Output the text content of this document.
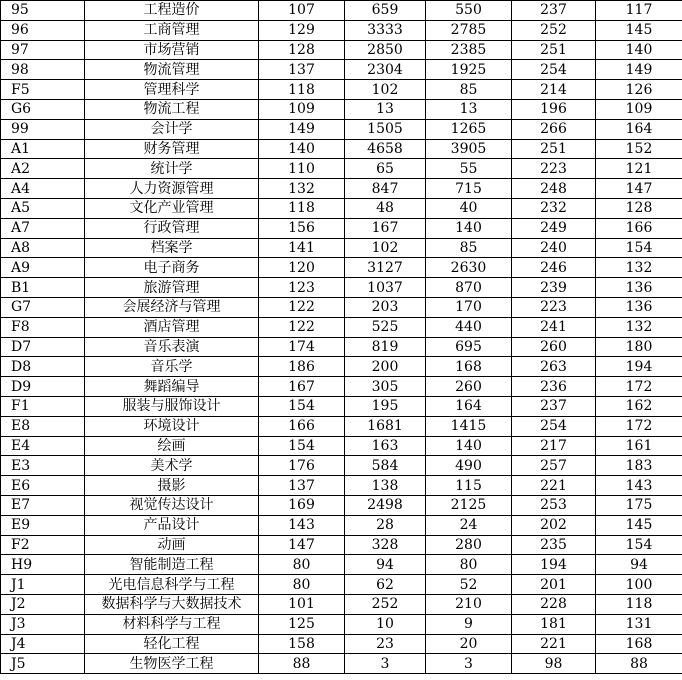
95	工程造价	107	659	550	237	117
96	工商管理	129	3333	2785	252	145
97	市场营销	128	2850	2385	251	140
98	物流管理	137	2304	1925	254	149
F5	管理科学	118	102	85	214	126
G6	物流工程	109	13	13	196	109
99	会计学	149	1505	1265	266	164
A1	财务管理	140	4658	3905	251	152
A2	统计学	110	65	55	223	121
A4	人力资源管理	132	847	715	248	147
A5	文化产业管理	118	48	40	232	128
A7	行政管理	156	167	140	249	166
A8	档案学	141	102	85	240	154
A9	电子商务	120	3127	2630	246	132
B1	旅游管理	123	1037	870	239	136
G7	会展经济与管理	122	203	170	223	136
F8	酒店管理	122	525	440	241	132
D7	音乐表演	174	819	695	260	180
D8	音乐学	186	200	168	263	194
D9	舞蹈编导	167	305	260	236	172
F1	服装与服饰设计	154	195	164	237	162
E8	环境设计	166	1681	1415	254	172
E4	绘画	154	163	140	217	161
E3	美术学	176	584	490	257	183
E6	摄影	137	138	115	221	143
E7	视觉传达设计	169	2498	2125	253	175
E9	产品设计	143	28	24	202	145
F2	动画	147	328	280	235	154
H9	智能制造工程	80	94	80	194	94
J1	光电信息科学与工程	80	62	52	201	100
J2	数据科学与大数据技术	101	252	210	228	118
J3	材料科学与工程	125	10	9	181	131
J4	轻化工程	158	23	20	221	168
J5	生物医学工程	88	3	3	98	88
